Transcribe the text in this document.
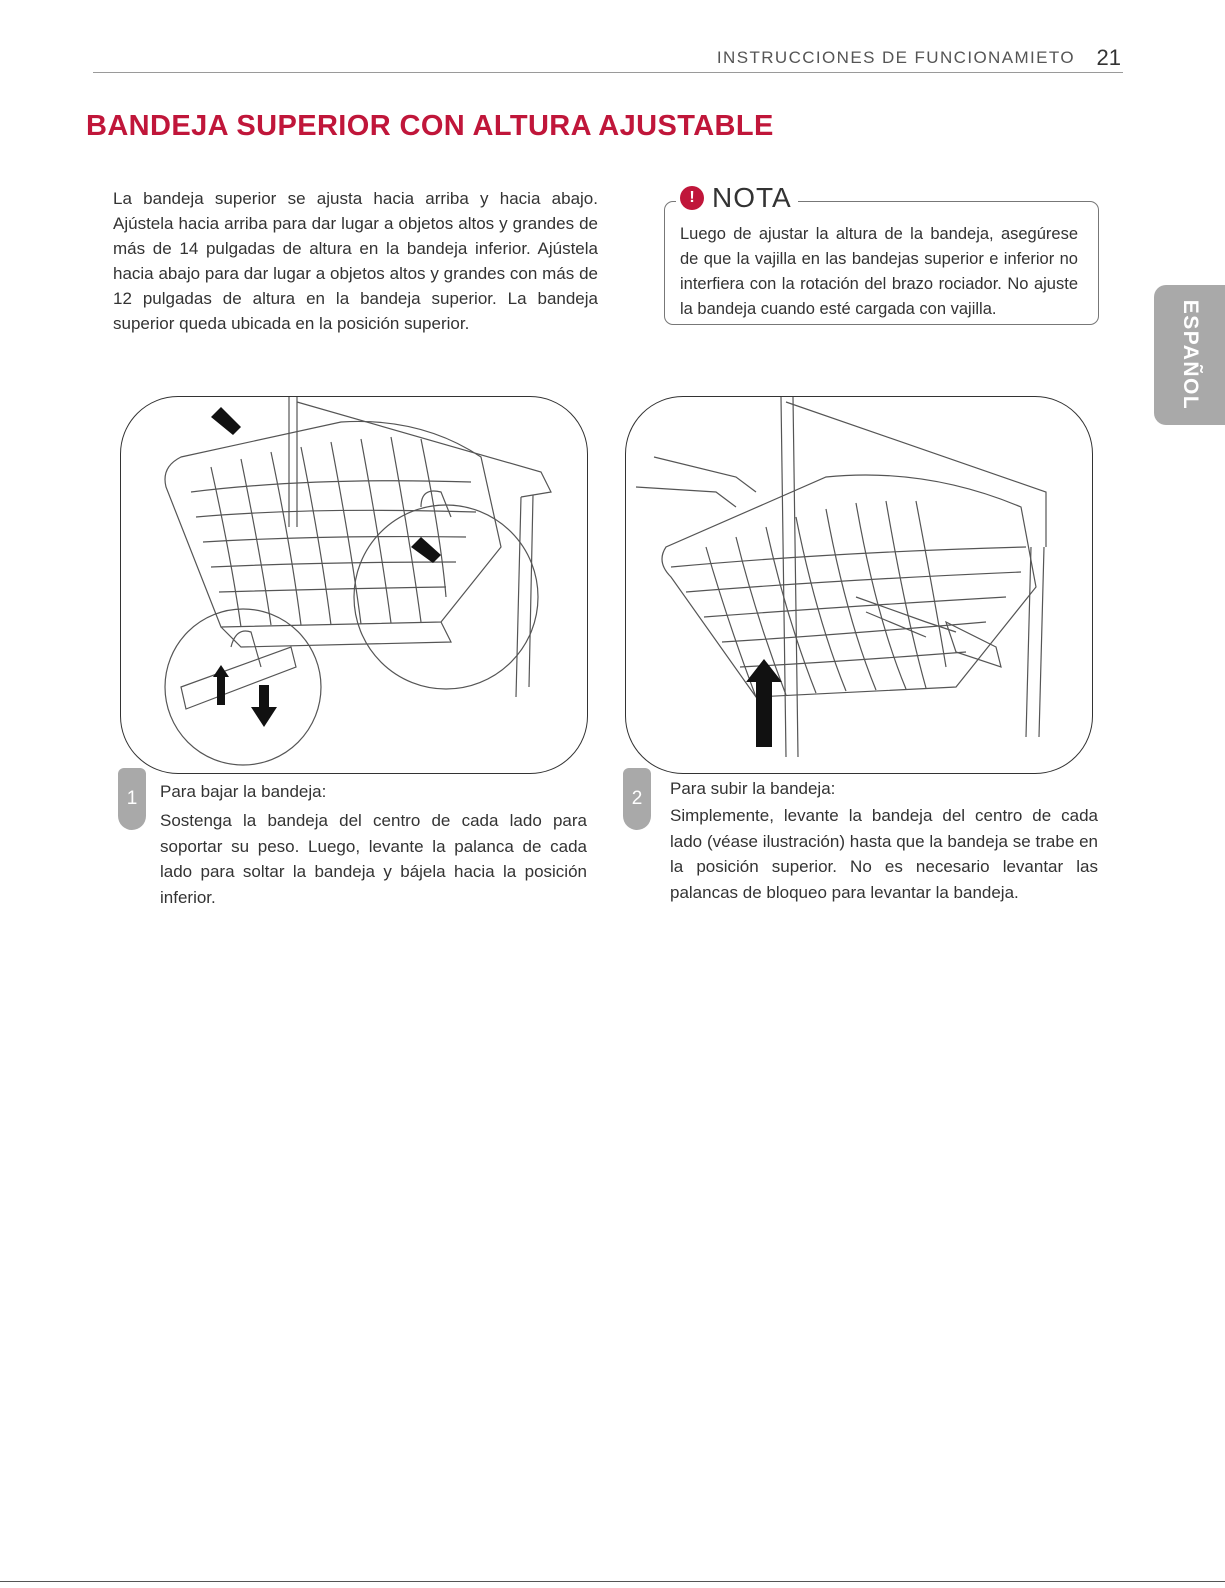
INSTRUCCIONES DE FUNCIONAMIETO 21
BANDEJA SUPERIOR CON ALTURA AJUSTABLE

La bandeja superior se ajusta hacia arriba y hacia abajo. Ajústela hacia arriba para dar lugar a objetos altos y grandes de más de 14 pulgadas de altura en la bandeja inferior. Ajústela hacia abajo para dar lugar a objetos altos y grandes con más de 12 pulgadas de altura en la bandeja superior. La bandeja superior queda ubicada en la posición superior.

! NOTA

Luego de ajustar la altura de la bandeja, asegúrese de que la vajilla en las bandejas superior e inferior no interfiera con la rotación del brazo rociador. No ajuste la bandeja cuando esté cargada con vajilla.	ESPAÑOL
1	Para bajar la bandeja:

Sostenga la bandeja del centro de cada lado para soportar su peso. Luego, levante la palanca de cada lado para soltar la bandeja y bájela hacia la posición inferior.

2	Para subir la bandeja:

Simplemente, levante la bandeja del centro de cada lado (véase ilustración) hasta que la bandeja se trabe en la posición superior. No es necesario levantar las palancas de bloqueo para levantar la bandeja.
